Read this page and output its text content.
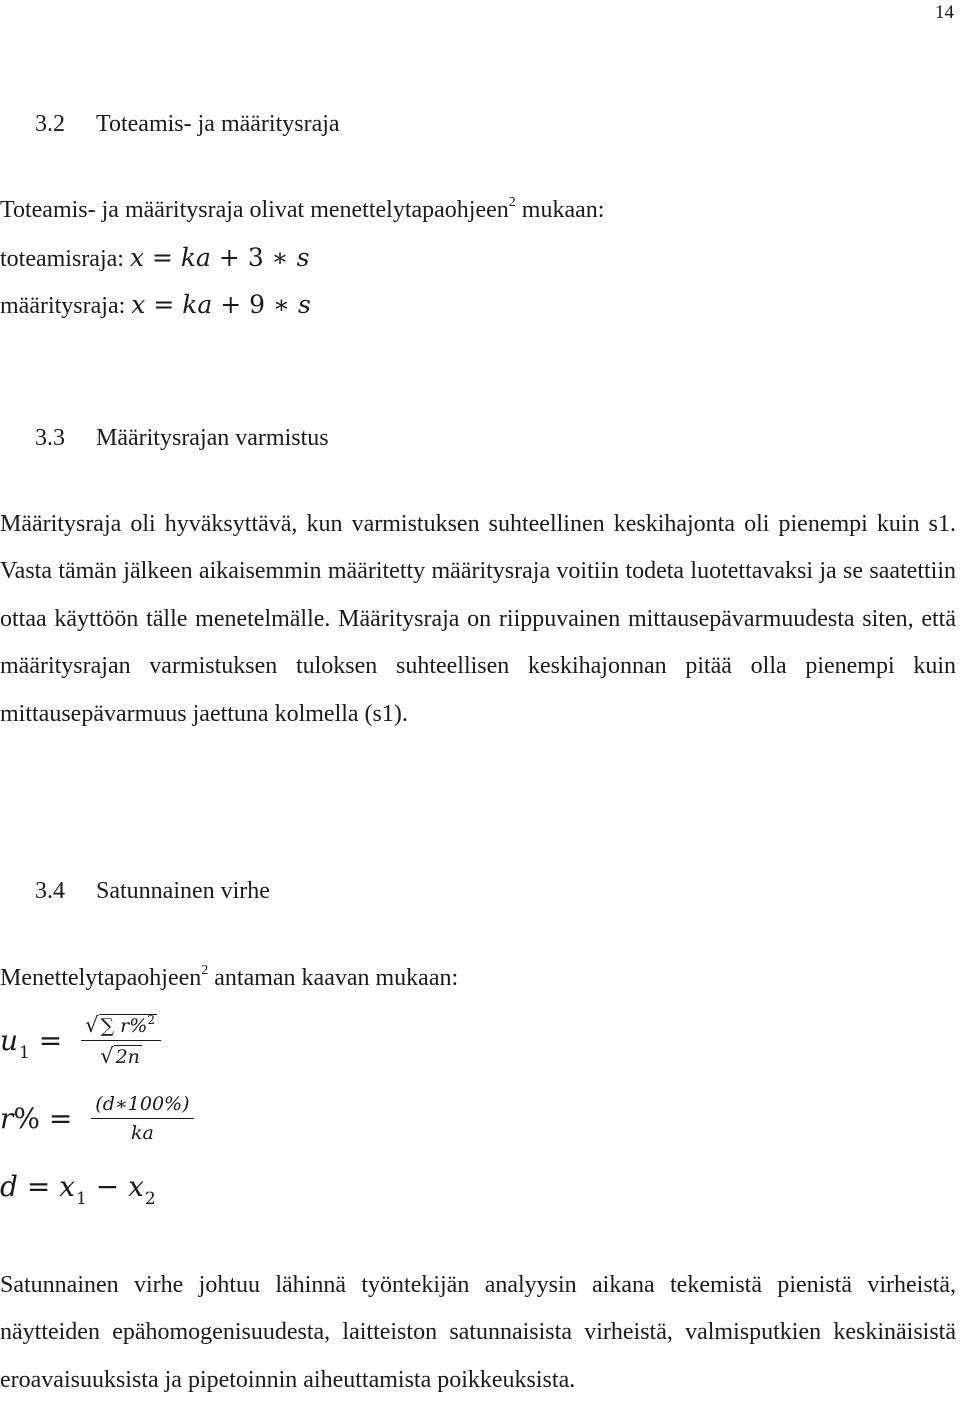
14
3.2 Toteamis- ja määritysraja
Toteamis- ja määritysraja olivat menettelytapaohjeen$^2$ mukaan:
toteamisraja: x = ka + 3 ∗ s
määritysraja: x = ka + 9 ∗ s
3.3 Määritysrajan varmistus
Määritysraja oli hyväksyttävä, kun varmistuksen suhteellinen keskihajonta oli pienempi kuin s1. Vasta tämän jälkeen aikaisemmin määritetty määritysraja voitiin todeta luotettavaksi ja se saatettiin ottaa käyttöön tälle menetelmälle. Määritysraja on riippuvainen mittausepävarmuudesta siten, että määritysrajan varmistuksen tuloksen suhteellisen keskihajonnan pitää olla pienempi kuin mittausepävarmuus jaettuna kolmella (s1).
3.4 Satunnainen virhe
Menettelytapaohjeen$^2$ antaman kaavan mukaan:
$u_1 = \frac{√ \sum r\%^2}{√ 2n}$
$r\% = \frac{(d∗100\%)}{ka}$
$d = x_1 - x_2$
Satunnainen virhe johtuu lähinnä työntekijän analyysin aikana tekemistä pienistä virheistä, näytteiden epähomogenisuudesta, laitteiston satunnaisista virheistä, valmisputkien keskinäisistä eroavaisuuksista ja pipetoinnin aiheuttamista poikkeuksista.
